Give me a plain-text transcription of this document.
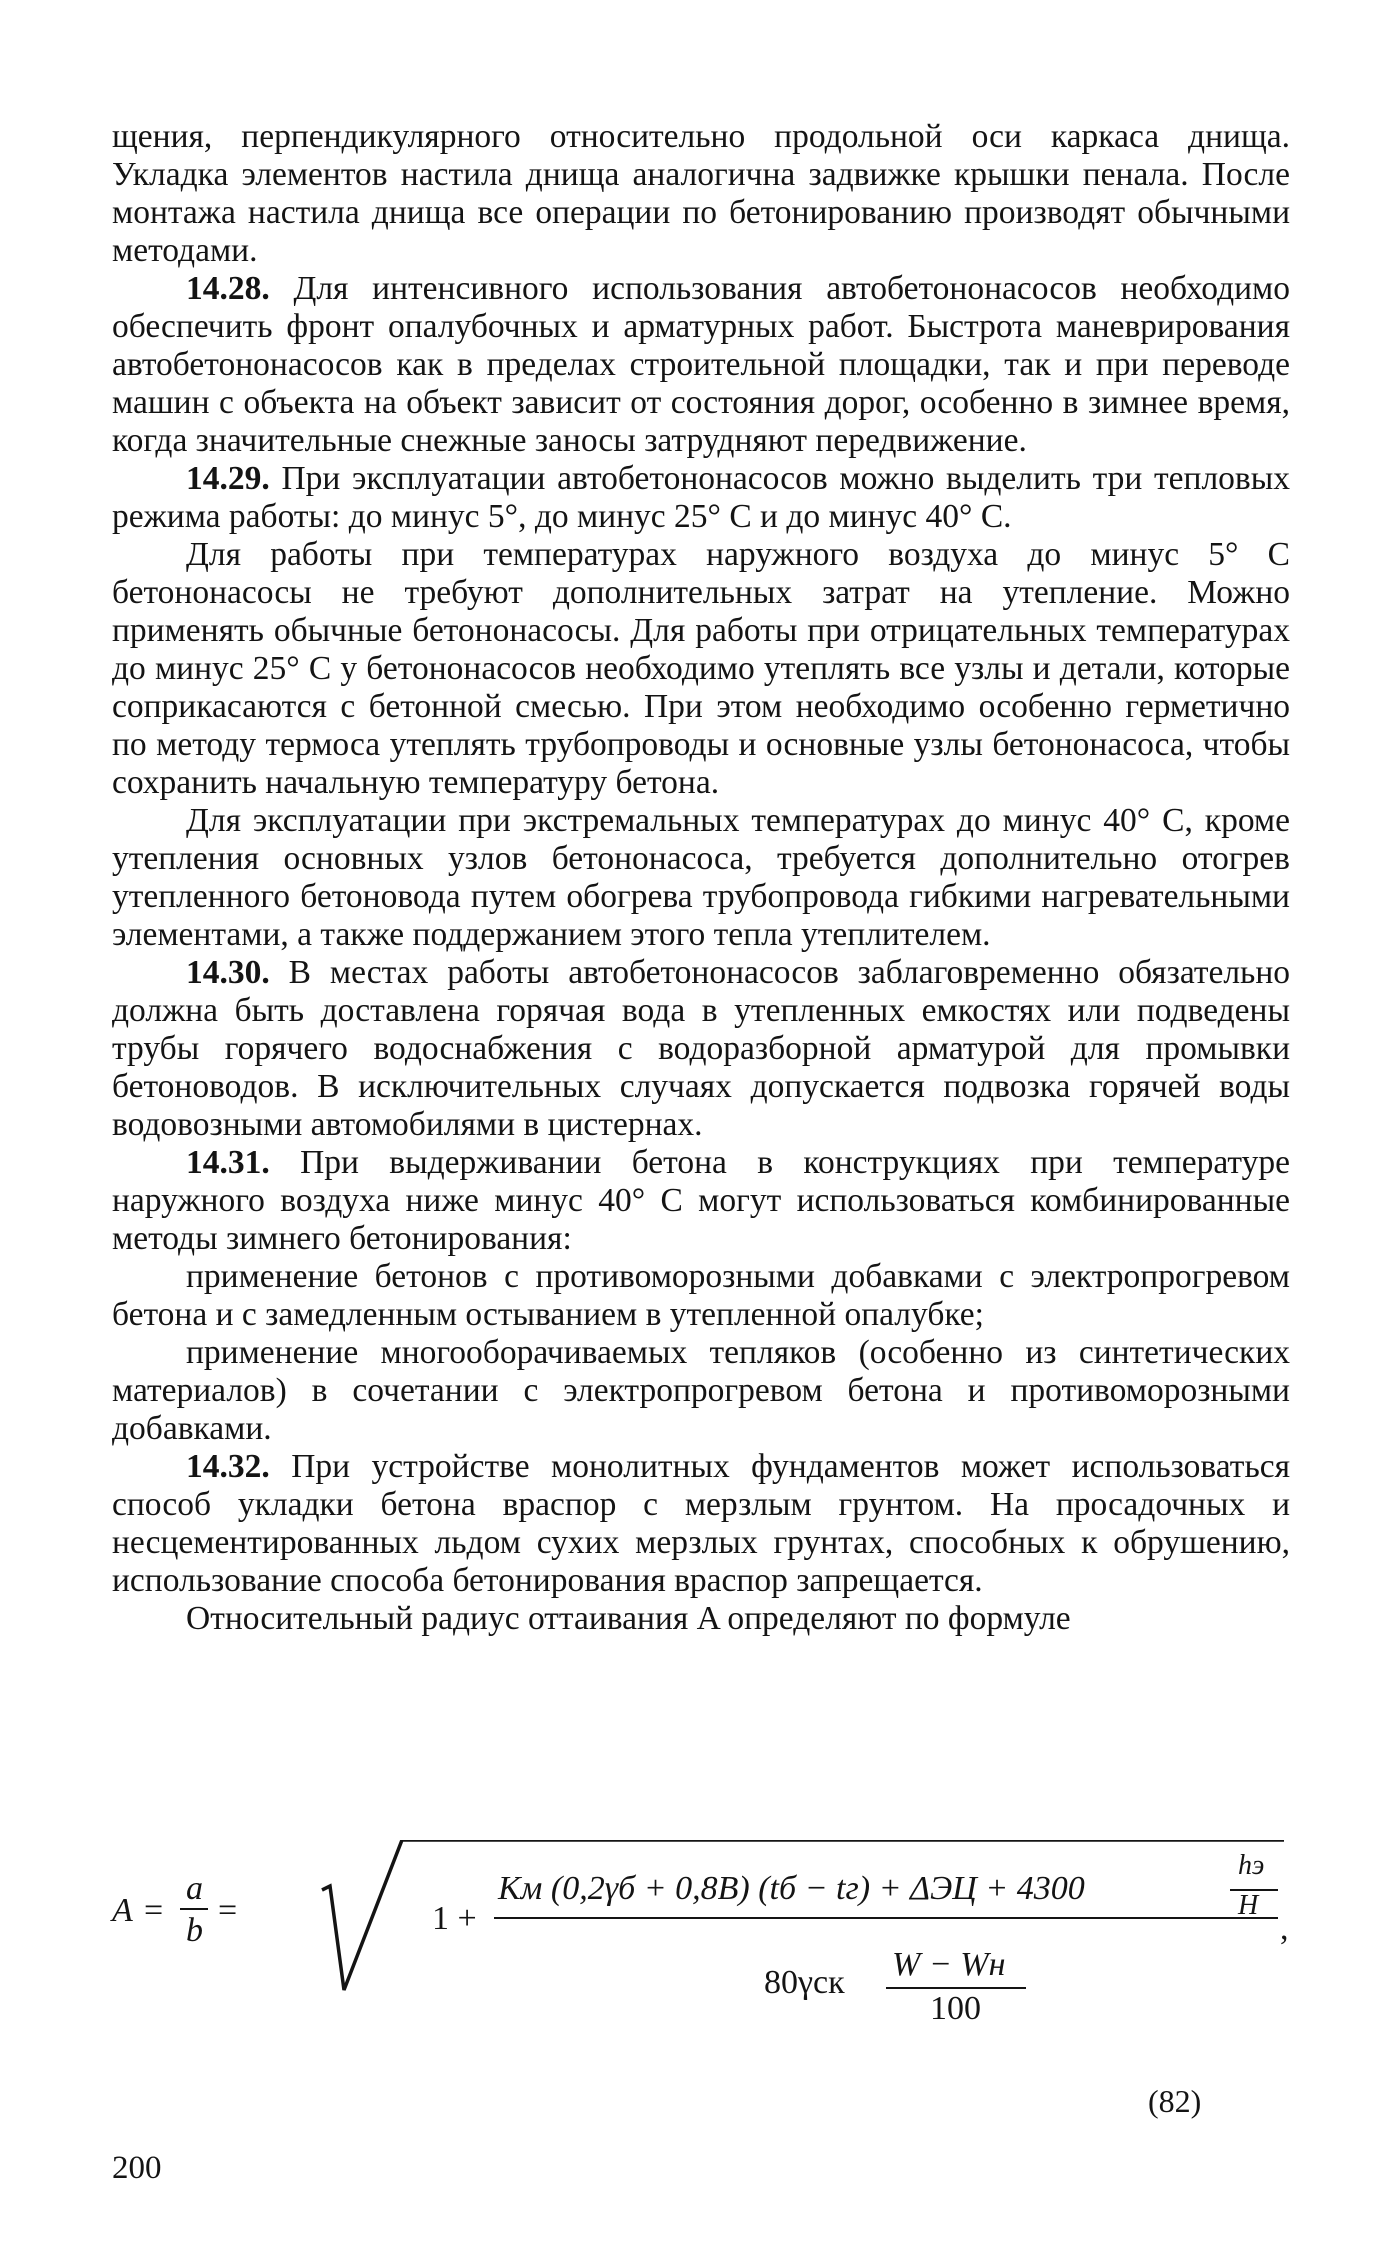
щения, перпендикулярного относительно продольной оси каркаса днища. Укладка элементов настила днища аналогична задвижке крышки пенала. После монтажа настила днища все операции по бетонированию производят обычными методами.

14.28. Для интенсивного использования автобетононасосов необходимо обеспечить фронт опалубочных и арматурных работ. Быстрота маневрирования автобетононасосов как в пределах строительной площадки, так и при переводе машин с объекта на объект зависит от состояния дорог, особенно в зимнее время, когда значительные снежные заносы затрудняют передвижение.

14.29. При эксплуатации автобетононасосов можно выделить три тепловых режима работы: до минус 5°, до минус 25° С и до минус 40° С.

Для работы при температурах наружного воздуха до минус 5° С бетононасосы не требуют дополнительных затрат на утепление. Можно применять обычные бетононасосы. Для работы при отрицательных температурах до минус 25° С у бетононасосов необходимо утеплять все узлы и детали, которые соприкасаются с бетонной смесью. При этом необходимо особенно герметично по методу термоса утеплять трубопроводы и основные узлы бетононасоса, чтобы сохранить начальную температуру бетона.

Для эксплуатации при экстремальных температурах до минус 40° С, кроме утепления основных узлов бетононасоса, требуется дополнительно отогрев утепленного бетоновода путем обогрева трубопровода гибкими нагревательными элементами, а также поддержанием этого тепла утеплителем.

14.30. В местах работы автобетононасосов заблаговременно обязательно должна быть доставлена горячая вода в утепленных емкостях или подведены трубы горячего водоснабжения с водоразборной арматурой для промывки бетоноводов. В исключительных случаях допускается подвозка горячей воды водовозными автомобилями в цистернах.

14.31. При выдерживании бетона в конструкциях при температуре наружного воздуха ниже минус 40° С могут использоваться комбинированные методы зимнего бетонирования:

применение бетонов с противоморозными добавками с электропрогревом бетона и с замедленным остыванием в утепленной опалубке;

применение многооборачиваемых тепляков (особенно из синтетических материалов) в сочетании с электропрогревом бетона и противоморозными добавками.

14.32. При устройстве монолитных фундаментов может использоваться способ укладки бетона враспор с мерзлым грунтом. На просадочных и несцементированных льдом сухих мерзлых грунтах, способных к обрушению, использование способа бетонирования враспор запрещается.

Относительный радиус оттаивания A определяют по формуле

A =
a
b
=	1 +
Kм (0,2γб + 0,8B) (tб − tг) + ΔЭЦ + 4300
hэ
H
,
80γск W − Wн
100
(82)
200
